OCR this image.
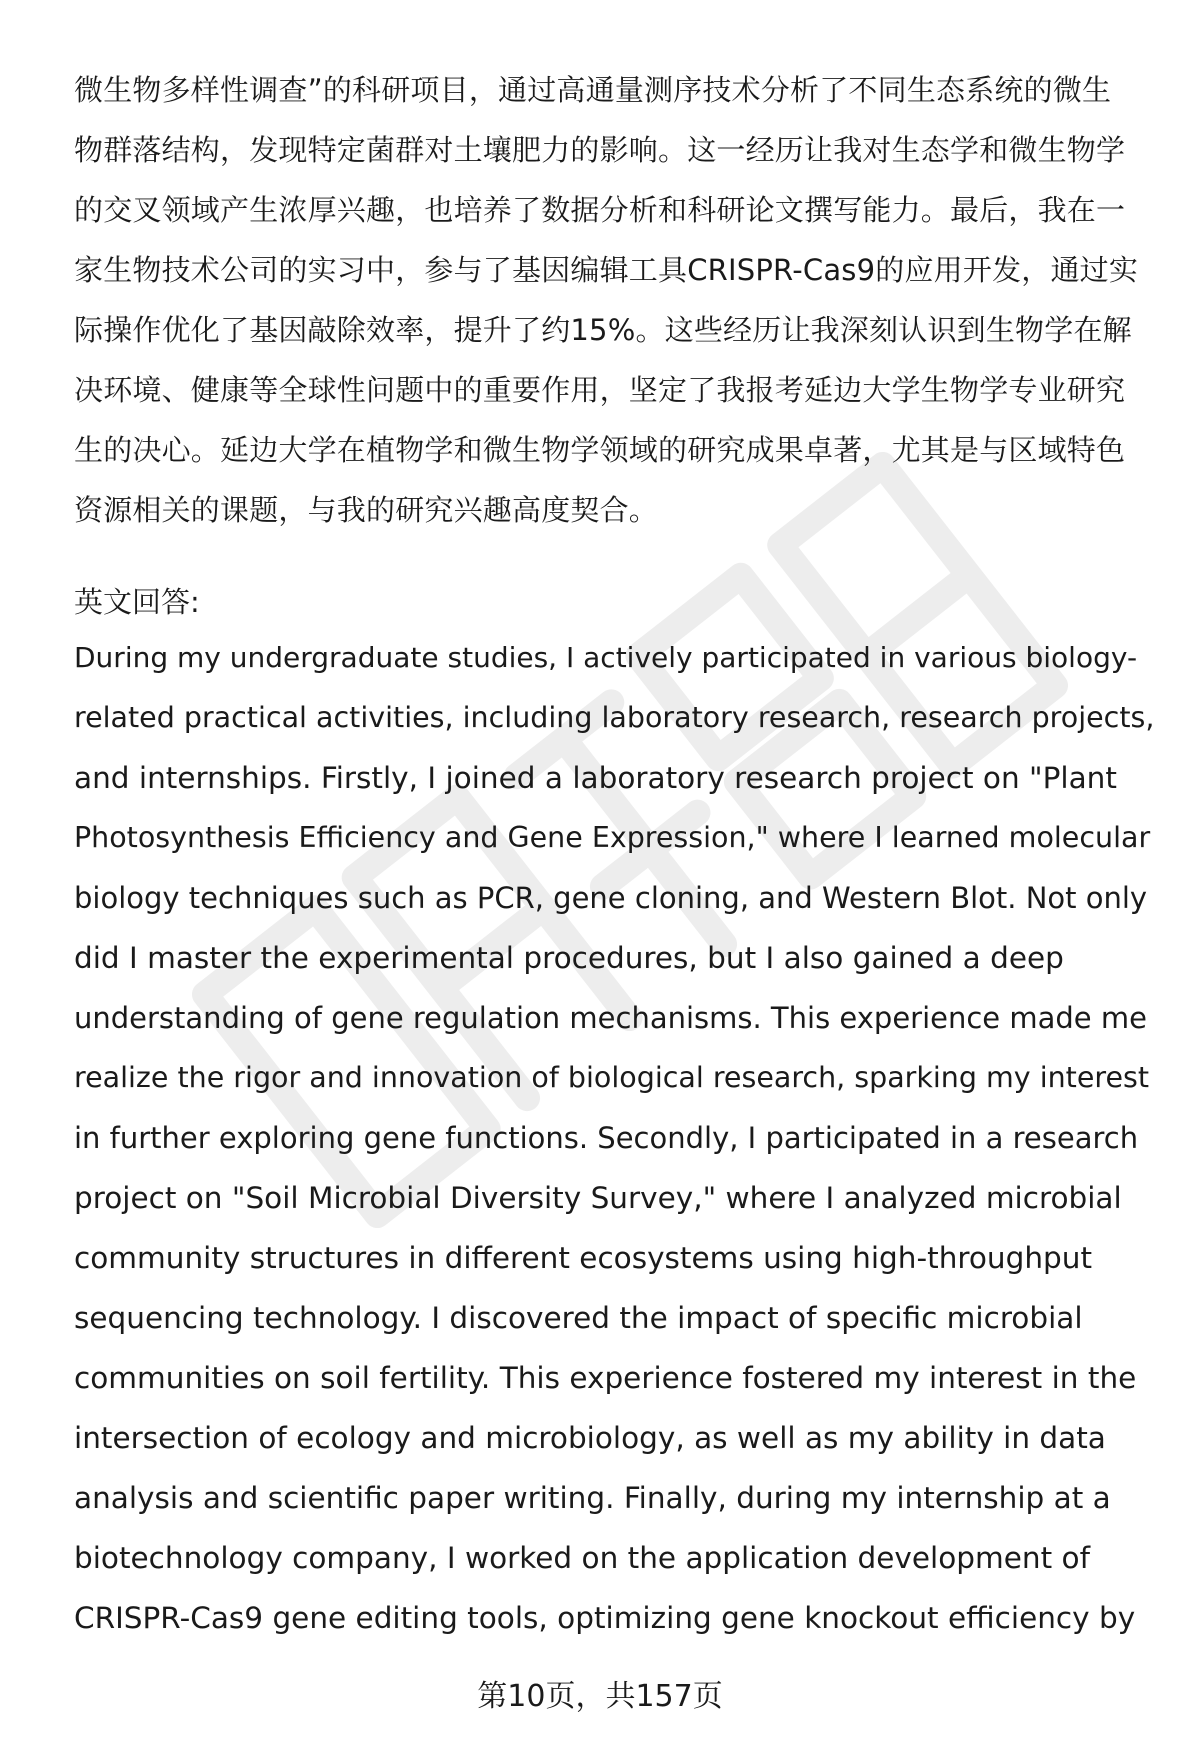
微生物多样性调查”的科研项目，通过高通量测序技术分析了不同生态系统的微生
物群落结构，发现特定菌群对土壤肥力的影响。这一经历让我对生态学和微生物学
的交叉领域产生浓厚兴趣，也培养了数据分析和科研论文撰写能力。最后，我在一
家生物技术公司的实习中，参与了基因编辑工具CRISPR-Cas9的应用开发，通过实
际操作优化了基因敲除效率，提升了约15%。这些经历让我深刻认识到生物学在解
决环境、健康等全球性问题中的重要作用，坚定了我报考延边大学生物学专业研究
生的决心。延边大学在植物学和微生物学领域的研究成果卓著，尤其是与区域特色
资源相关的课题，与我的研究兴趣高度契合。
英文回答:
During my undergraduate studies, I actively participated in various biology-
related practical activities, including laboratory research, research projects,
and internships. Firstly, I joined a laboratory research project on "Plant
Photosynthesis Efficiency and Gene Expression," where I learned molecular
biology techniques such as PCR, gene cloning, and Western Blot. Not only
did I master the experimental procedures, but I also gained a deep
understanding of gene regulation mechanisms. This experience made me
realize the rigor and innovation of biological research, sparking my interest
in further exploring gene functions. Secondly, I participated in a research
project on "Soil Microbial Diversity Survey," where I analyzed microbial
community structures in different ecosystems using high-throughput
sequencing technology. I discovered the impact of specific microbial
communities on soil fertility. This experience fostered my interest in the
intersection of ecology and microbiology, as well as my ability in data
analysis and scientific paper writing. Finally, during my internship at a
biotechnology company, I worked on the application development of
CRISPR-Cas9 gene editing tools, optimizing gene knockout efficiency by
第10页，共157页
